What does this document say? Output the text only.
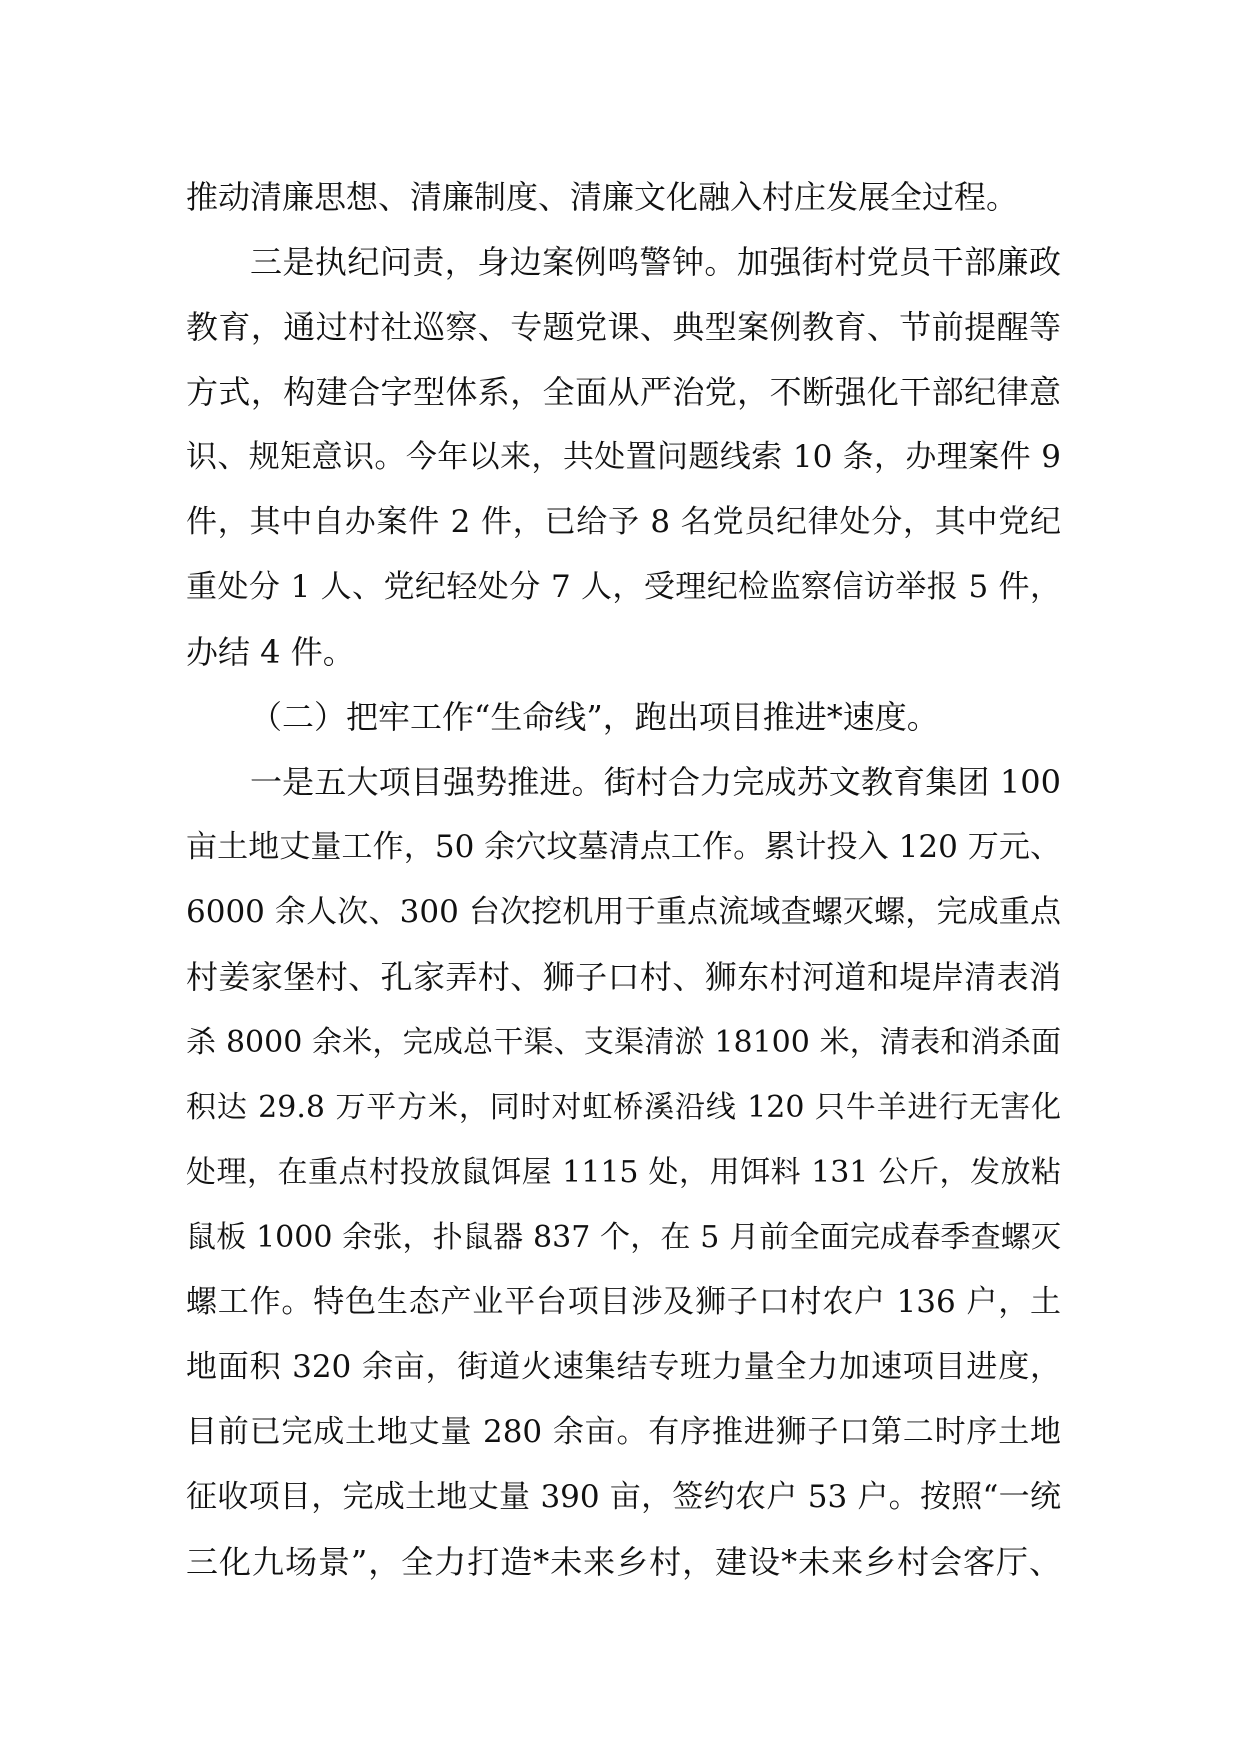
推动清廉思想、清廉制度、清廉文化融入村庄发展全过程。
三是执纪问责，身边案例鸣警钟。加强街村党员干部廉政
教育，通过村社巡察、专题党课、典型案例教育、节前提醒等
方式，构建合字型体系，全面从严治党，不断强化干部纪律意
识、规矩意识。今年以来，共处置问题线索 10 条，办理案件 9
件，其中自办案件 2 件，已给予 8 名党员纪律处分，其中党纪
重处分 1 人、党纪轻处分 7 人，受理纪检监察信访举报 5 件，
办结 4 件。
（二）把牢工作“生命线”，跑出项目推进*速度。
一是五大项目强势推进。街村合力完成苏文教育集团 100
亩土地丈量工作，50 余穴坟墓清点工作。累计投入 120 万元、
6000 余人次、300 台次挖机用于重点流域查螺灭螺，完成重点
村姜家堡村、孔家弄村、狮子口村、狮东村河道和堤岸清表消
杀 8000 余米，完成总干渠、支渠清淤 18100 米，清表和消杀面
积达 29.8 万平方米，同时对虹桥溪沿线 120 只牛羊进行无害化
处理，在重点村投放鼠饵屋 1115 处，用饵料 131 公斤，发放粘
鼠板 1000 余张，扑鼠器 837 个，在 5 月前全面完成春季查螺灭
螺工作。特色生态产业平台项目涉及狮子口村农户 136 户，土
地面积 320 余亩，街道火速集结专班力量全力加速项目进度，
目前已完成土地丈量 280 余亩。有序推进狮子口第二时序土地
征收项目，完成土地丈量 390 亩，签约农户 53 户。按照“一统
三化九场景”，全力打造*未来乡村，建设*未来乡村会客厅、
